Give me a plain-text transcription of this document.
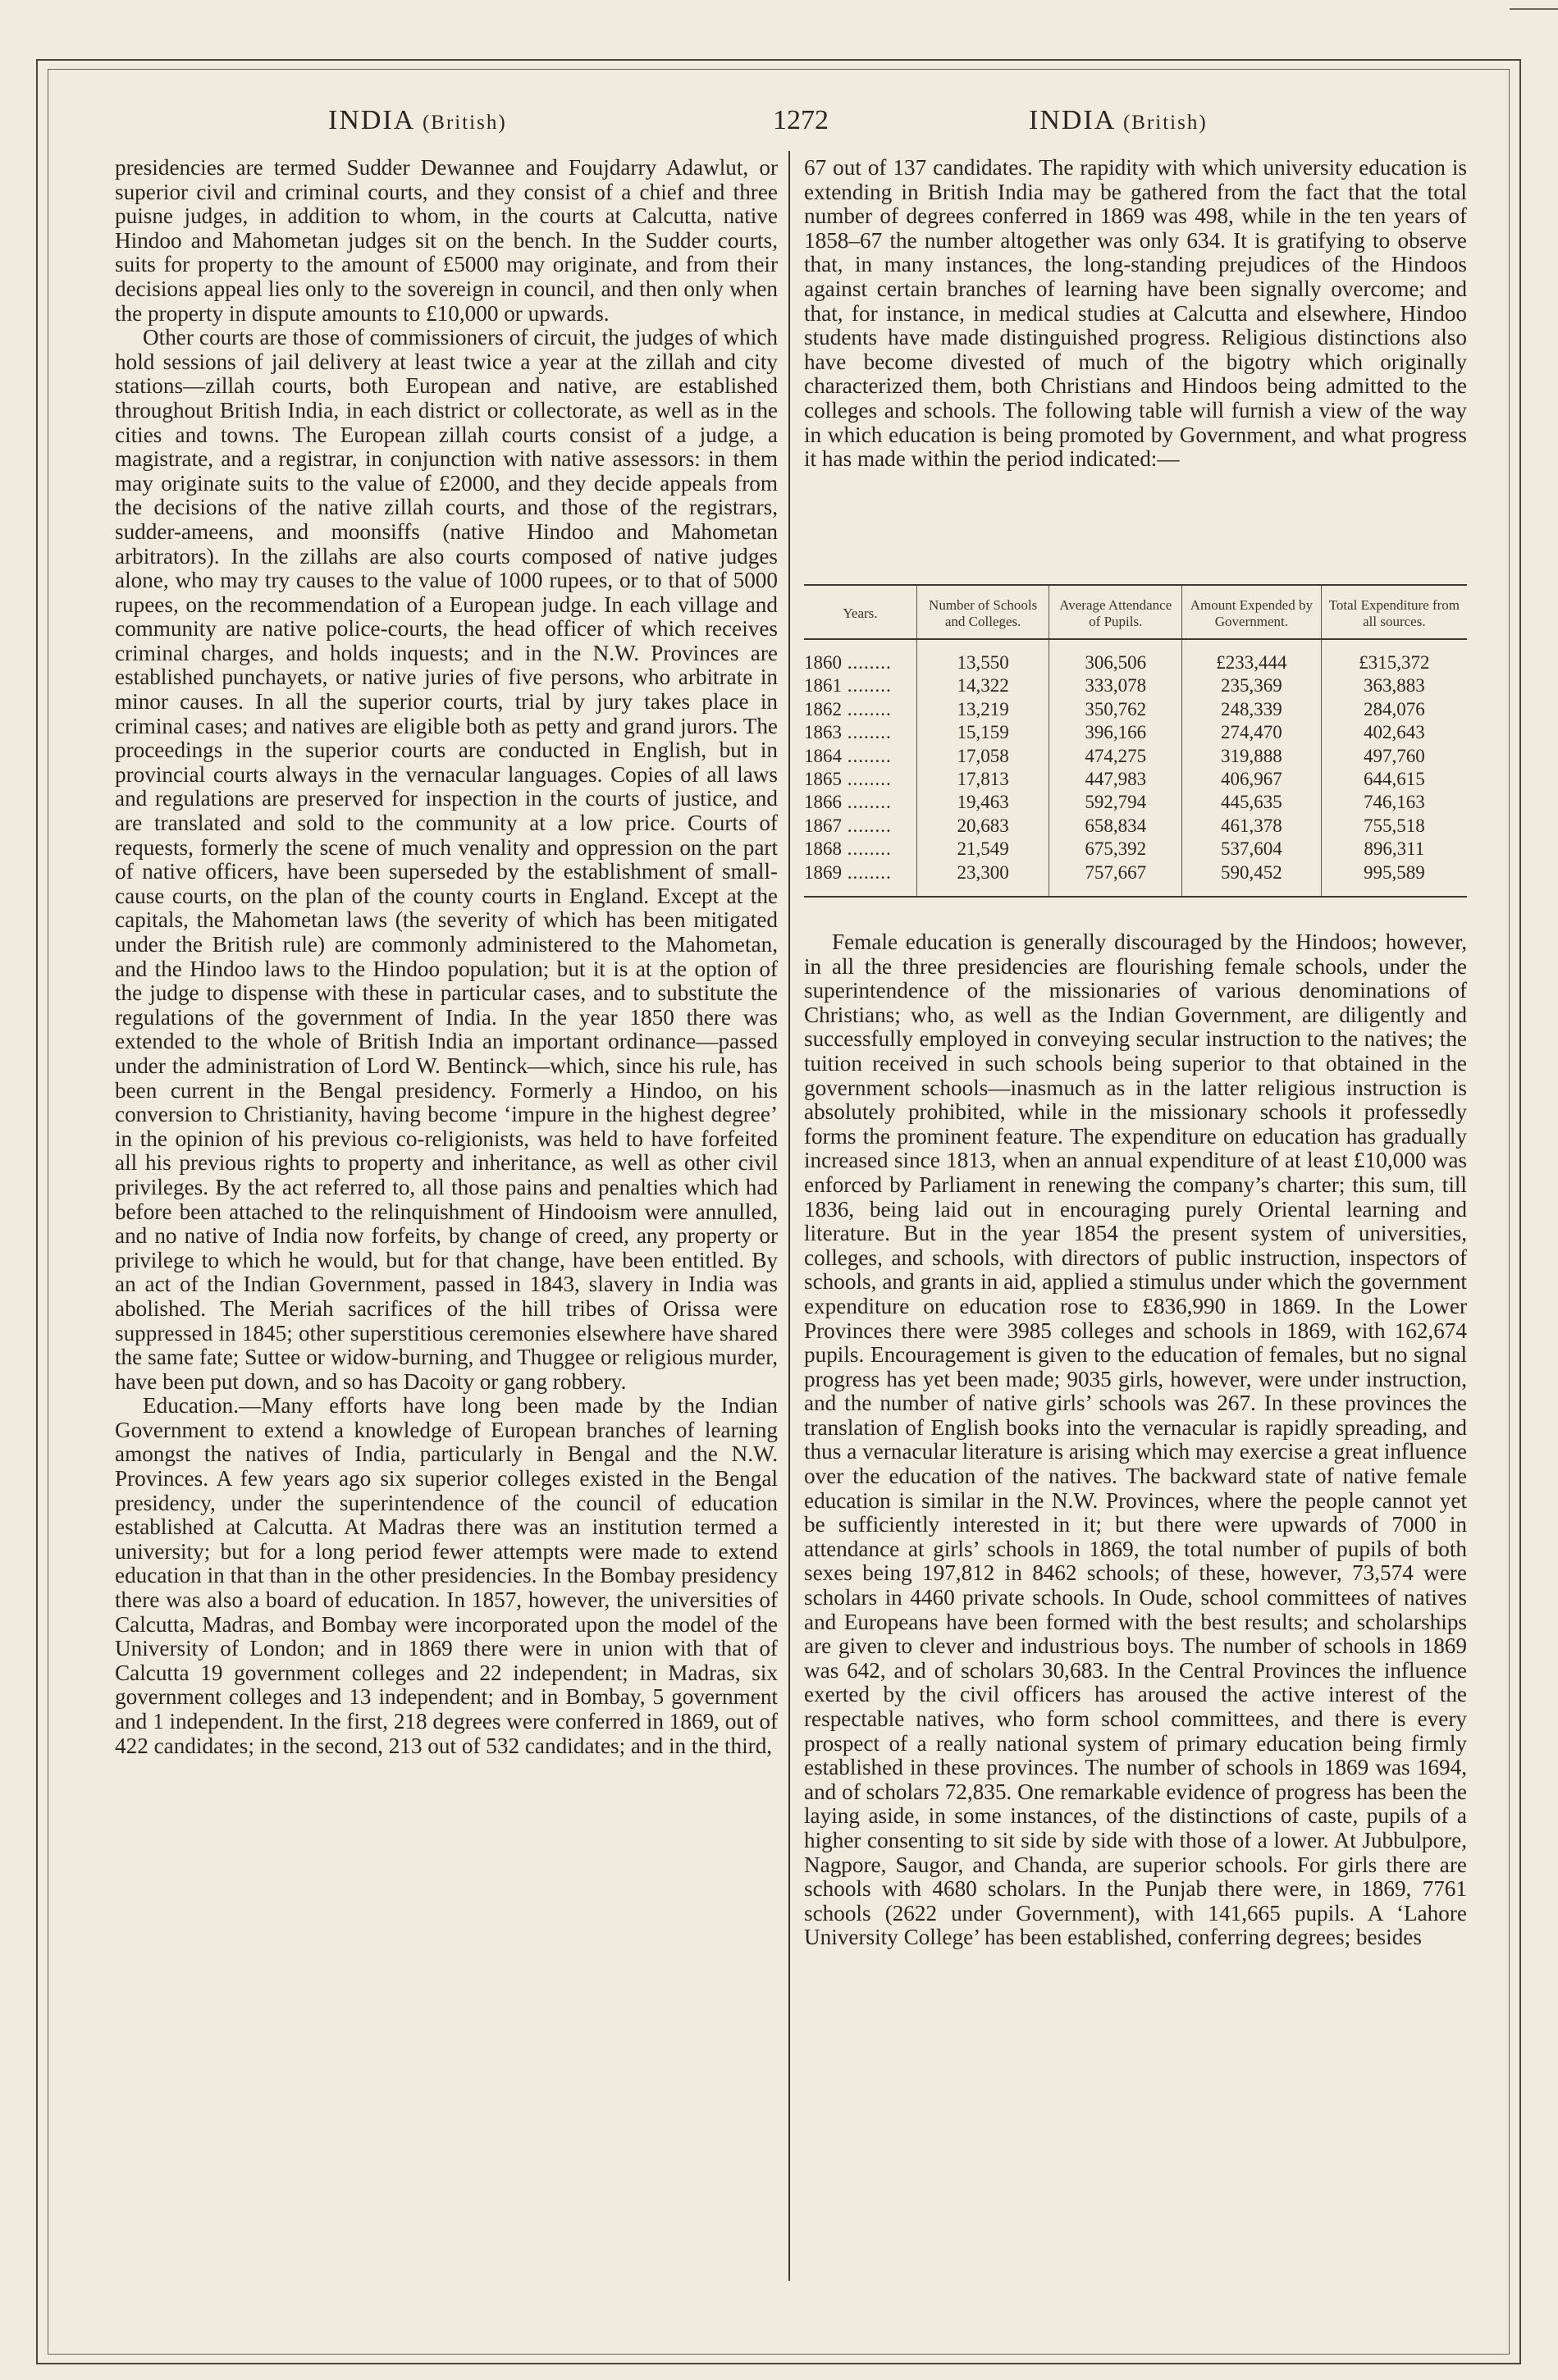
INDIA (British)	1272	INDIA (British)

presidencies are termed Sudder Dewannee and Foujdarry Adawlut, or superior civil and criminal courts, and they consist of a chief and three puisne judges, in addition to whom, in the courts at Calcutta, native Hindoo and Mahometan judges sit on the bench. In the Sudder courts, suits for property to the amount of £5000 may originate, and from their decisions appeal lies only to the sovereign in council, and then only when the property in dispute amounts to £10,000 or upwards.

Other courts are those of commissioners of circuit, the judges of which hold sessions of jail delivery at least twice a year at the zillah and city stations—zillah courts, both European and native, are established throughout British India, in each district or collectorate, as well as in the cities and towns. The European zillah courts consist of a judge, a magistrate, and a registrar, in conjunction with native assessors: in them may originate suits to the value of £2000, and they decide appeals from the decisions of the native zillah courts, and those of the registrars, sudder-ameens, and moonsiffs (native Hindoo and Mahometan arbitrators). In the zillahs are also courts composed of native judges alone, who may try causes to the value of 1000 rupees, or to that of 5000 rupees, on the recommendation of a European judge. In each village and community are native police-courts, the head officer of which receives criminal charges, and holds inquests; and in the N.W. Provinces are established punchayets, or native juries of five persons, who arbitrate in minor causes. In all the superior courts, trial by jury takes place in criminal cases; and natives are eligible both as petty and grand jurors. The proceedings in the superior courts are conducted in English, but in provincial courts always in the vernacular languages. Copies of all laws and regulations are preserved for inspection in the courts of justice, and are translated and sold to the community at a low price. Courts of requests, formerly the scene of much venality and oppression on the part of native officers, have been superseded by the establishment of small-cause courts, on the plan of the county courts in England. Except at the capitals, the Mahometan laws (the severity of which has been mitigated under the British rule) are commonly administered to the Mahometan, and the Hindoo laws to the Hindoo population; but it is at the option of the judge to dispense with these in particular cases, and to substitute the regulations of the government of India. In the year 1850 there was extended to the whole of British India an important ordinance—passed under the administration of Lord W. Bentinck—which, since his rule, has been current in the Bengal presidency. Formerly a Hindoo, on his conversion to Christianity, having become ‘impure in the highest degree’ in the opinion of his previous co-religionists, was held to have forfeited all his previous rights to property and inheritance, as well as other civil privileges. By the act referred to, all those pains and penalties which had before been attached to the relinquishment of Hindooism were annulled, and no native of India now forfeits, by change of creed, any property or privilege to which he would, but for that change, have been entitled. By an act of the Indian Government, passed in 1843, slavery in India was abolished. The Meriah sacrifices of the hill tribes of Orissa were suppressed in 1845; other superstitious ceremonies elsewhere have shared the same fate; Suttee or widow-burning, and Thuggee or religious murder, have been put down, and so has Dacoity or gang robbery.

Education.—Many efforts have long been made by the Indian Government to extend a knowledge of European branches of learning amongst the natives of India, particularly in Bengal and the N.W. Provinces. A few years ago six superior colleges existed in the Bengal presidency, under the superintendence of the council of education established at Calcutta. At Madras there was an institution termed a university; but for a long period fewer attempts were made to extend education in that than in the other presidencies. In the Bombay presidency there was also a board of education. In 1857, however, the universities of Calcutta, Madras, and Bombay were incorporated upon the model of the University of London; and in 1869 there were in union with that of Calcutta 19 government colleges and 22 independent; in Madras, six government colleges and 13 independent; and in Bombay, 5 government and 1 independent. In the first, 218 degrees were conferred in 1869, out of 422 candidates; in the second, 213 out of 532 candidates; and in the third,

67 out of 137 candidates. The rapidity with which university education is extending in British India may be gathered from the fact that the total number of degrees conferred in 1869 was 498, while in the ten years of 1858–67 the number altogether was only 634. It is gratifying to observe that, in many instances, the long-standing prejudices of the Hindoos against certain branches of learning have been signally overcome; and that, for instance, in medical studies at Calcutta and elsewhere, Hindoo students have made distinguished progress. Religious distinctions also have become divested of much of the bigotry which originally characterized them, both Christians and Hindoos being admitted to the colleges and schools. The following table will furnish a view of the way in which education is being promoted by Government, and what progress it has made within the period indicated:—

Years.	Number of Schools and Colleges.	Average Attendance of Pupils.	Amount Expended by Government.	Total Expenditure from all sources.
1860 .....	13,550	306,506	£233,444	£315,372
1861 .....	14,322	333,078	235,369	363,883
1862 .....	13,219	350,762	248,339	284,076
1863 .....	15,159	396,166	274,470	402,643
1864 .....	17,058	474,275	319,888	497,760
1865 .....	17,813	447,983	406,967	644,615
1866 .....	19,463	592,794	445,635	746,163
1867 .....	20,683	658,834	461,378	755,518
1868 .....	21,549	675,392	537,604	896,311
1869 .....	23,300	757,667	590,452	995,589

Female education is generally discouraged by the Hindoos; however, in all the three presidencies are flourishing female schools, under the superintendence of the missionaries of various denominations of Christians; who, as well as the Indian Government, are diligently and successfully employed in conveying secular instruction to the natives; the tuition received in such schools being superior to that obtained in the government schools—inasmuch as in the latter religious instruction is absolutely prohibited, while in the missionary schools it professedly forms the prominent feature. The expenditure on education has gradually increased since 1813, when an annual expenditure of at least £10,000 was enforced by Parliament in renewing the company’s charter; this sum, till 1836, being laid out in encouraging purely Oriental learning and literature. But in the year 1854 the present system of universities, colleges, and schools, with directors of public instruction, inspectors of schools, and grants in aid, applied a stimulus under which the government expenditure on education rose to £836,990 in 1869. In the Lower Provinces there were 3985 colleges and schools in 1869, with 162,674 pupils. Encouragement is given to the education of females, but no signal progress has yet been made; 9035 girls, however, were under instruction, and the number of native girls’ schools was 267. In these provinces the translation of English books into the vernacular is rapidly spreading, and thus a vernacular literature is arising which may exercise a great influence over the education of the natives. The backward state of native female education is similar in the N.W. Provinces, where the people cannot yet be sufficiently interested in it; but there were upwards of 7000 in attendance at girls’ schools in 1869, the total number of pupils of both sexes being 197,812 in 8462 schools; of these, however, 73,574 were scholars in 4460 private schools. In Oude, school committees of natives and Europeans have been formed with the best results; and scholarships are given to clever and industrious boys. The number of schools in 1869 was 642, and of scholars 30,683. In the Central Provinces the influence exerted by the civil officers has aroused the active interest of the respectable natives, who form school committees, and there is every prospect of a really national system of primary education being firmly established in these provinces. The number of schools in 1869 was 1694, and of scholars 72,835. One remarkable evidence of progress has been the laying aside, in some instances, of the distinctions of caste, pupils of a higher consenting to sit side by side with those of a lower. At Jubbulpore, Nagpore, Saugor, and Chanda, are superior schools. For girls there are schools with 4680 scholars. In the Punjab there were, in 1869, 7761 schools (2622 under Government), with 141,665 pupils. A ‘Lahore University College’ has been established, conferring degrees; besides
